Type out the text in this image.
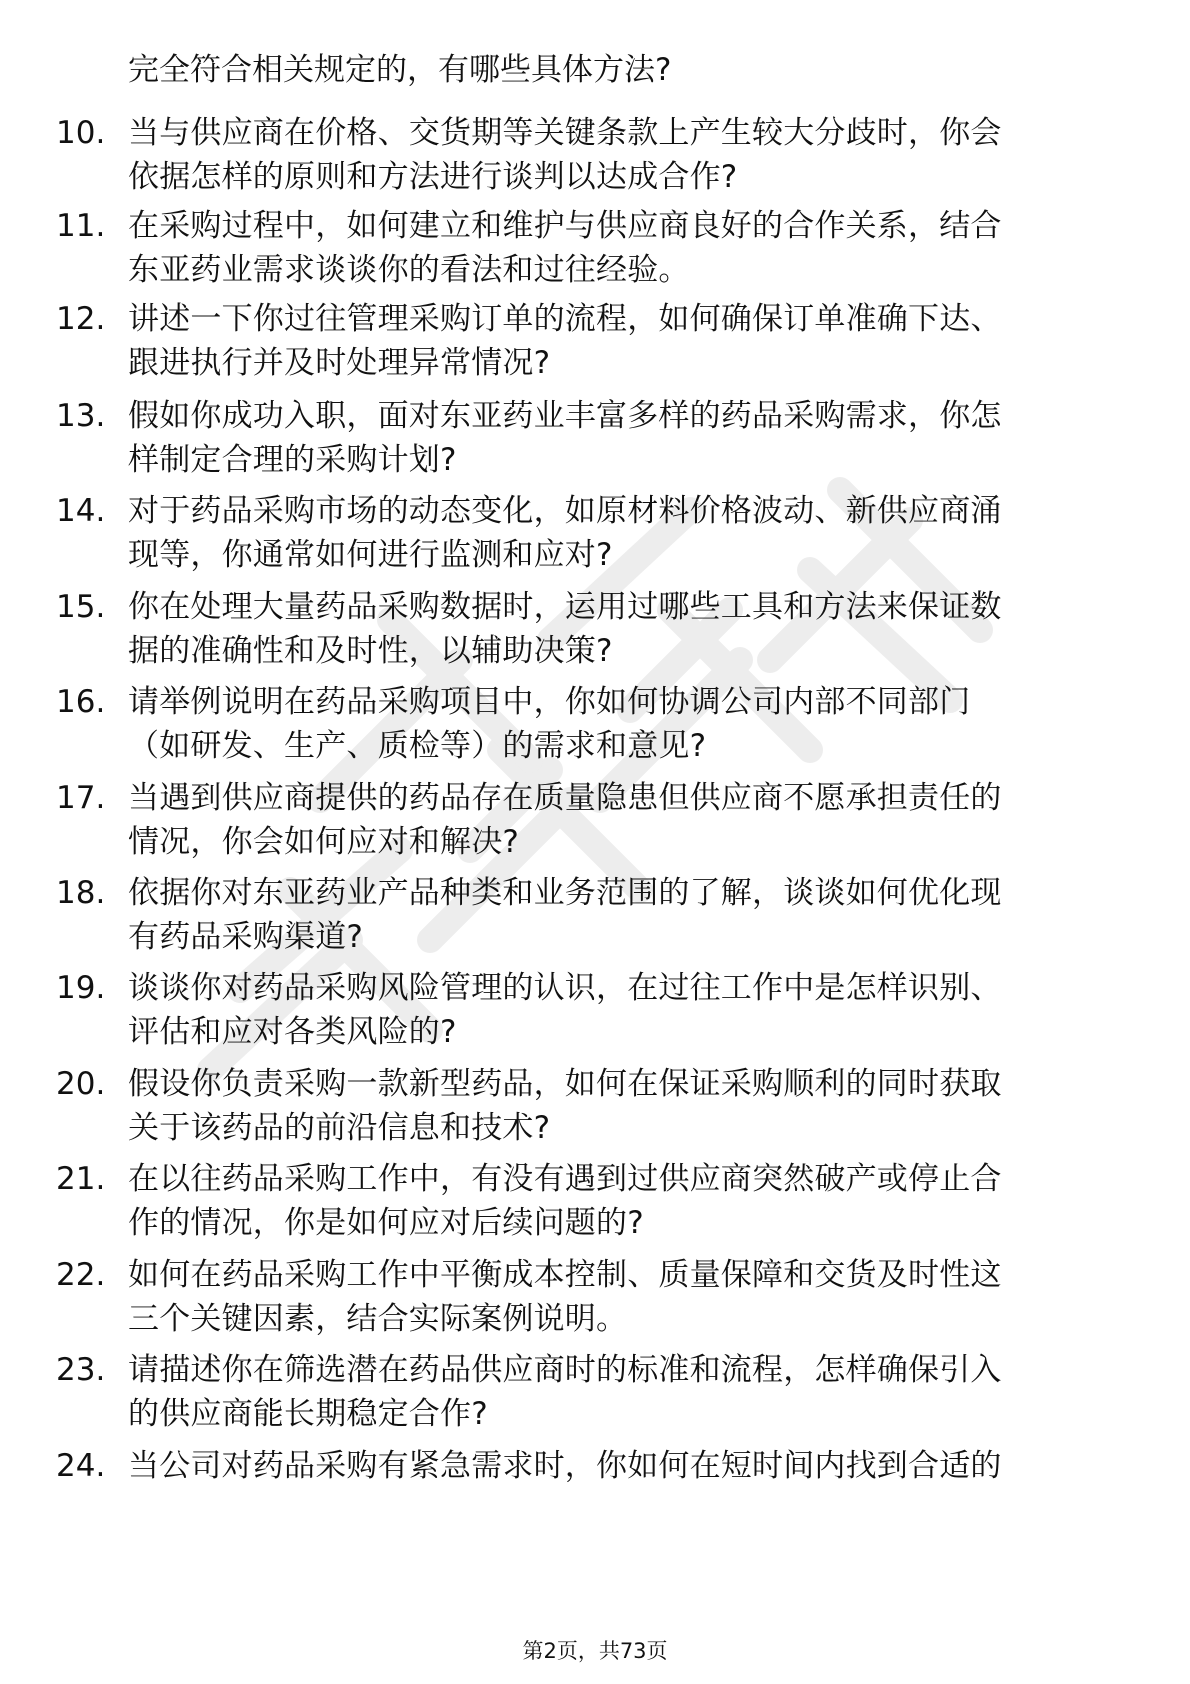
完全符合相关规定的，有哪些具体方法?
10. 当与供应商在价格、交货期等关键条款上产生较大分歧时，你会
依据怎样的原则和方法进行谈判以达成合作?
11. 在采购过程中，如何建立和维护与供应商良好的合作关系，结合
东亚药业需求谈谈你的看法和过往经验。
12. 讲述一下你过往管理采购订单的流程，如何确保订单准确下达、
跟进执行并及时处理异常情况?
13. 假如你成功入职，面对东亚药业丰富多样的药品采购需求，你怎
样制定合理的采购计划?
14. 对于药品采购市场的动态变化，如原材料价格波动、新供应商涌
现等，你通常如何进行监测和应对?
15. 你在处理大量药品采购数据时，运用过哪些工具和方法来保证数
据的准确性和及时性，以辅助决策?
16. 请举例说明在药品采购项目中，你如何协调公司内部不同部门
（如研发、生产、质检等）的需求和意见?
17. 当遇到供应商提供的药品存在质量隐患但供应商不愿承担责任的
情况，你会如何应对和解决?
18. 依据你对东亚药业产品种类和业务范围的了解，谈谈如何优化现
有药品采购渠道?
19. 谈谈你对药品采购风险管理的认识，在过往工作中是怎样识别、
评估和应对各类风险的?
20. 假设你负责采购一款新型药品，如何在保证采购顺利的同时获取
关于该药品的前沿信息和技术?
21. 在以往药品采购工作中，有没有遇到过供应商突然破产或停止合
作的情况，你是如何应对后续问题的?
22. 如何在药品采购工作中平衡成本控制、质量保障和交货及时性这
三个关键因素，结合实际案例说明。
23. 请描述你在筛选潜在药品供应商时的标准和流程，怎样确保引入
的供应商能长期稳定合作?
24. 当公司对药品采购有紧急需求时，你如何在短时间内找到合适的
第2页，共73页
